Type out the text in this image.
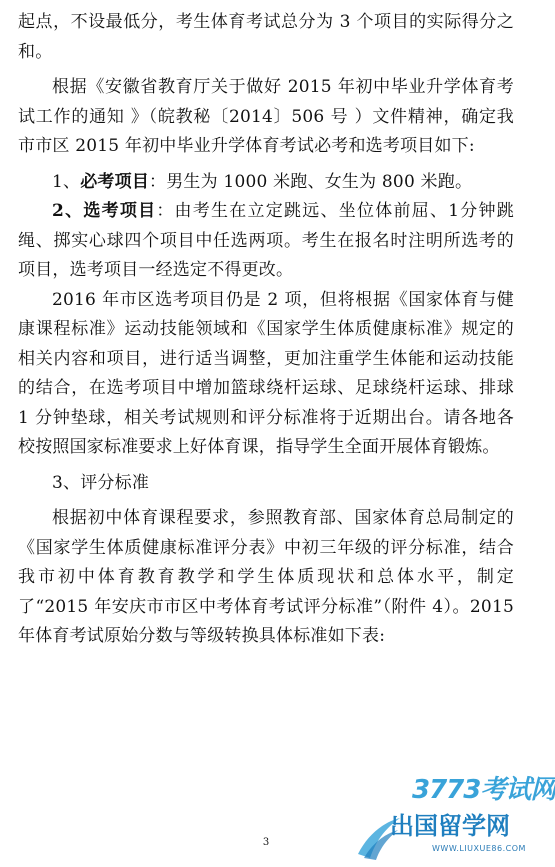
起点，不设最低分，考生体育考试总分为 3 个项目的实际得分之和。

根据《安徽省教育厅关于做好 2015 年初中毕业升学体育考试工作的通知 》（皖教秘〔2014〕506 号 ）文件精神，确定我市市区 2015 年初中毕业升学体育考试必考和选考项目如下:

1、必考项目：男生为 1000 米跑、女生为 800 米跑。

2、选考项目：由考生在立定跳远、坐位体前屈、1分钟跳绳、掷实心球四个项目中任选两项。考生在报名时注明所选考的项目，选考项目一经选定不得更改。

2016 年市区选考项目仍是 2 项，但将根据《国家体育与健康课程标准》运动技能领域和《国家学生体质健康标准》规定的相关内容和项目，进行适当调整，更加注重学生体能和运动技能的结合，在选考项目中增加篮球绕杆运球、足球绕杆运球、排球 1 分钟垫球，相关考试规则和评分标准将于近期出台。请各地各校按照国家标准要求上好体育课，指导学生全面开展体育锻炼。

3、评分标准

根据初中体育课程要求，参照教育部、国家体育总局制定的《国家学生体质健康标准评分表》中初三年级的评分标准，结合我市初中体育教育教学和学生体质现状和总体水平，制定了“2015 年安庆市市区中考体育考试评分标准”（附件 4）。2015 年体育考试原始分数与等级转换具体标准如下表:

3
3773考试网
出国留学网
WWW.LIUXUE86.COM
